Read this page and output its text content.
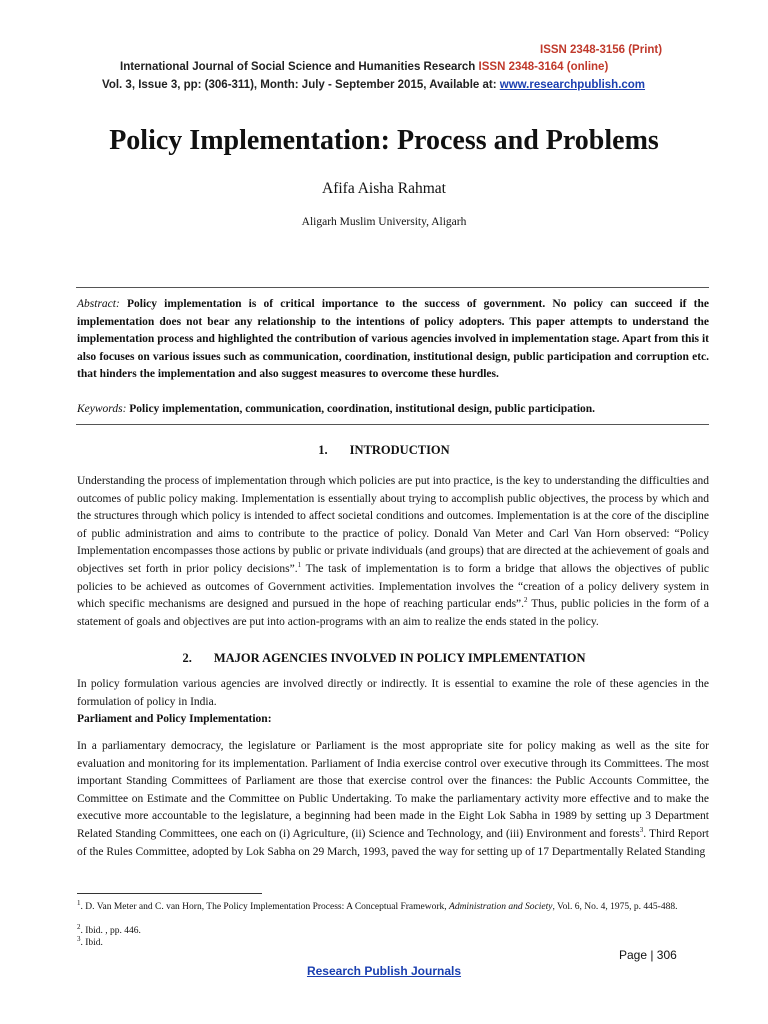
ISSN 2348-3156 (Print)
International Journal of Social Science and Humanities Research ISSN 2348-3164 (online)
Vol. 3, Issue 3, pp: (306-311), Month: July - September 2015, Available at: www.researchpublish.com
Policy Implementation: Process and Problems
Afifa Aisha Rahmat
Aligarh Muslim University, Aligarh

Abstract: Policy implementation is of critical importance to the success of government. No policy can succeed if the implementation does not bear any relationship to the intentions of policy adopters. This paper attempts to understand the implementation process and highlighted the contribution of various agencies involved in implementation stage. Apart from this it also focuses on various issues such as communication, coordination, institutional design, public participation and corruption etc. that hinders the implementation and also suggest measures to overcome these hurdles.

Keywords: Policy implementation, communication, coordination, institutional design, public participation.

1. INTRODUCTION

Understanding the process of implementation through which policies are put into practice, is the key to understanding the difficulties and outcomes of public policy making. Implementation is essentially about trying to accomplish public objectives, the process by which and the structures through which policy is intended to affect societal conditions and outcomes. Implementation is at the core of the discipline of public administration and aims to contribute to the practice of policy. Donald Van Meter and Carl Van Horn observed: “Policy Implementation encompasses those actions by public or private individuals (and groups) that are directed at the achievement of goals and objectives set forth in prior policy decisions”.$^1$ The task of implementation is to form a bridge that allows the objectives of public policies to be achieved as outcomes of Government activities. Implementation involves the “creation of a policy delivery system in which specific mechanisms are designed and pursued in the hope of reaching particular ends”.$^2$ Thus, public policies in the form of a statement of goals and objectives are put into action-programs with an aim to realize the ends stated in the policy.

2. MAJOR AGENCIES INVOLVED IN POLICY IMPLEMENTATION

In policy formulation various agencies are involved directly or indirectly. It is essential to examine the role of these agencies in the formulation of policy in India.

Parliament and Policy Implementation:

In a parliamentary democracy, the legislature or Parliament is the most appropriate site for policy making as well as the site for evaluation and monitoring for its implementation. Parliament of India exercise control over executive through its Committees. The most important Standing Committees of Parliament are those that exercise control over the finances: the Public Accounts Committee, the Committee on Estimate and the Committee on Public Undertaking. To make the parliamentary activity more effective and to make the executive more accountable to the legislature, a beginning had been made in the Eight Lok Sabha in 1989 by setting up 3 Department Related Standing Committees, one each on (i) Agriculture, (ii) Science and Technology, and (iii) Environment and forests$^3$. Third Report of the Rules Committee, adopted by Lok Sabha on 29 March, 1993, paved the way for setting up of 17 Departmentally Related Standing

$^1$. D. Van Meter and C. van Horn, The Policy Implementation Process: A Conceptual Framework, Administration and Society, Vol. 6, No. 4, 1975, p. 445-488.
$^2$. Ibid. , pp. 446.
$^3$. Ibid.
Page | 306
Research Publish Journals
